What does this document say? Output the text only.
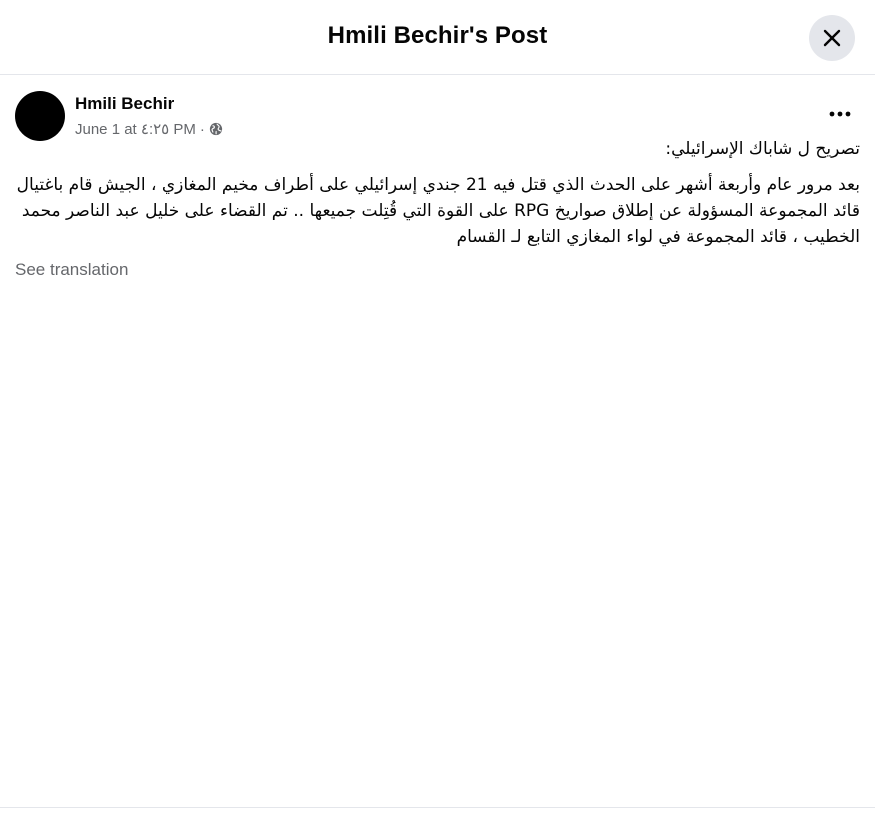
Hmili Bechir's Post
Hmili Bechir
June 1 at ٤:٢٥ PM ·

تصريح ل شاباك الإسرائيلي:

بعد مرور عام وأربعة أشهر على الحدث الذي قتل فيه 21 جندي إسرائيلي على أطراف مخيم المغازي ، الجيش قام باغتيال قائد المجموعة المسؤولة عن إطلاق صواريخ RPG على القوة التي قُتِلت جميعها .. تم القضاء على خليل عبد الناصر محمد الخطيب ، قائد المجموعة في لواء المغازي التابع لـ القسام

See translation
